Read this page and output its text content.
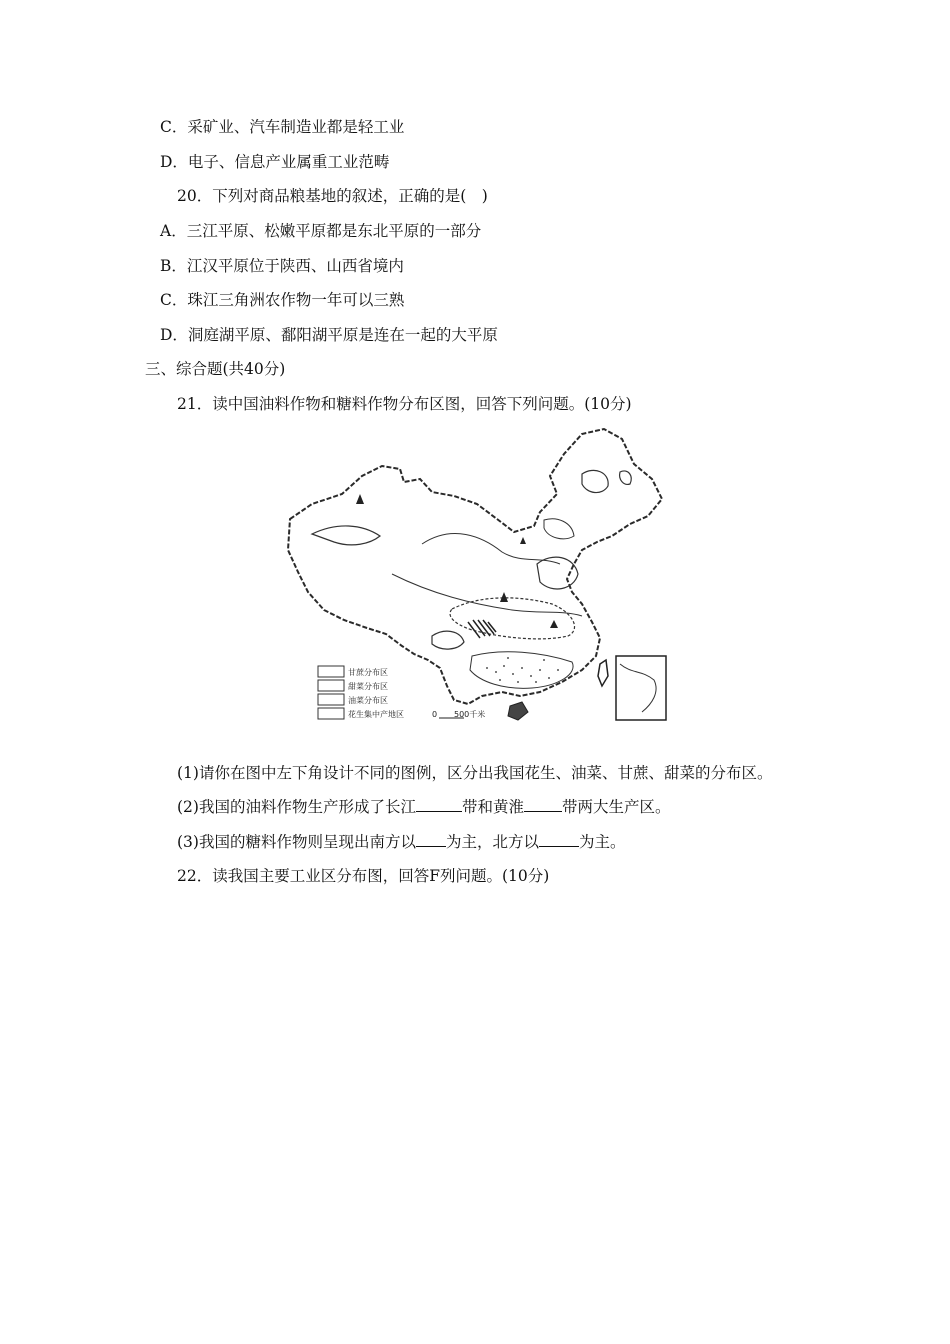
C．采矿业、汽车制造业都是轻工业
D．电子、信息产业属重工业范畴
20．下列对商品粮基地的叙述，正确的是(　)
A．三江平原、松嫩平原都是东北平原的一部分
B．江汉平原位于陕西、山西省境内
C．珠江三角洲农作物一年可以三熟
D．洞庭湖平原、鄱阳湖平原是连在一起的大平原
三、综合题(共40分)
21．读中国油料作物和糖料作物分布区图，回答下列问题。(10分)
甘蔗分布区
甜菜分布区
油菜分布区
花生集中产地区	0 500千米
(1)请你在图中左下角设计不同的图例，区分出我国花生、油菜、甘蔗、甜菜的分布区。
(2)我国的油料作物生产形成了长江	带和黄淮 带两大生产区。
(3)我国的糖料作物则呈现出南方以 为主，北方以	为主。
22．读我国主要工业区分布图，回答F列问题。(10分)
